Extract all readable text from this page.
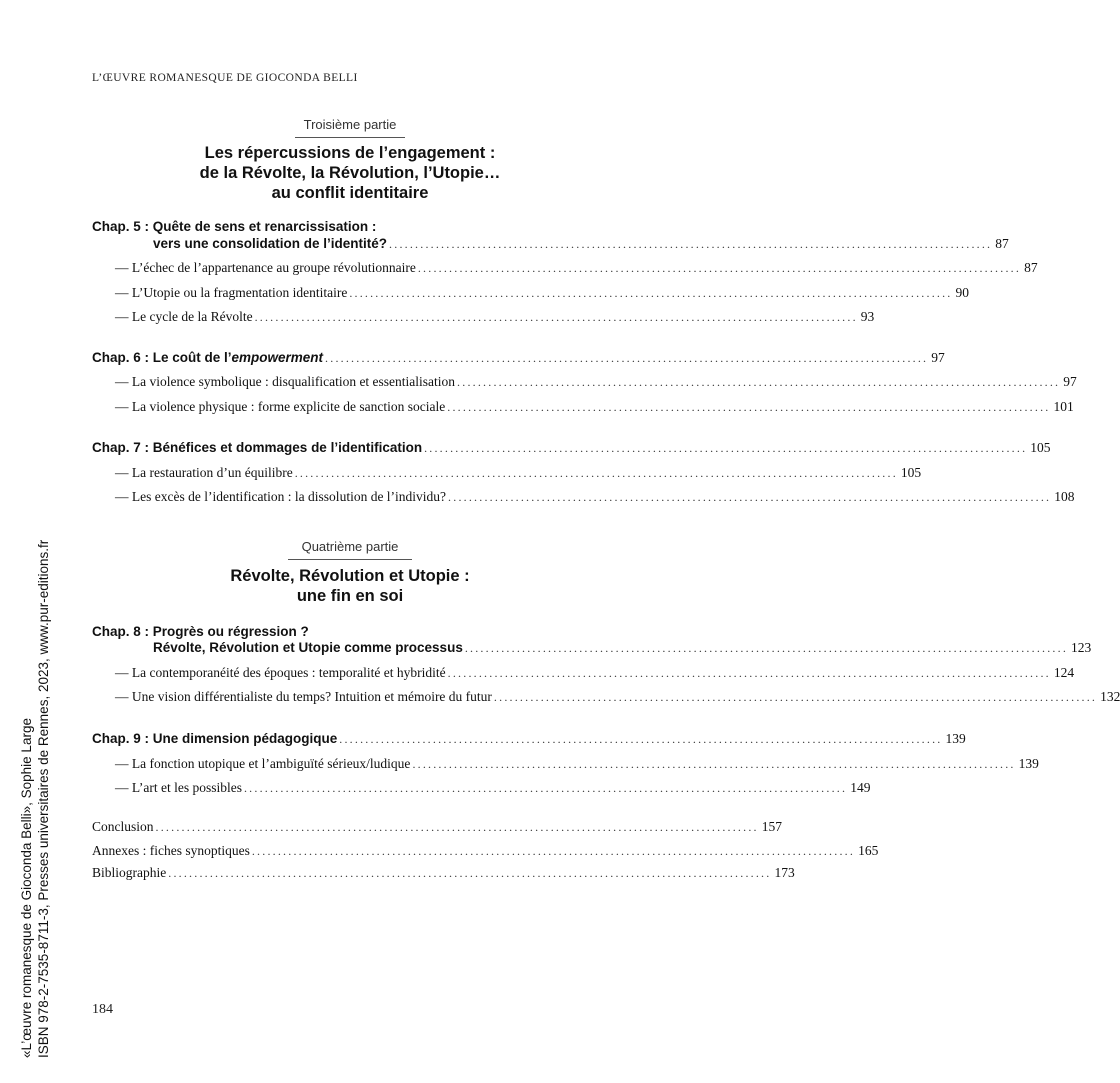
L’ŒUVRE ROMANESQUE DE GIOCONDA BELLI
Troisième partie
Les répercussions de l’engagement :
de la Révolte, la Révolution, l’Utopie…
au conflit identitaire
Chap. 5 : Quête de sens et renarcissisation :
vers une consolidation de l’identité? .................................................................................................................... 87
— L’échec de l’appartenance au groupe révolutionnaire .................................................................................................................... 87
— L’Utopie ou la fragmentation identitaire .................................................................................................................... 90
— Le cycle de la Révolte .................................................................................................................... 93
Chap. 6 : Le coût de l’empowerment .................................................................................................................... 97
— La violence symbolique : disqualification et essentialisation .................................................................................................................... 97
— La violence physique : forme explicite de sanction sociale .................................................................................................................... 101
Chap. 7 : Bénéfices et dommages de l’identification .................................................................................................................... 105
— La restauration d’un équilibre .................................................................................................................... 105
— Les excès de l’identification : la dissolution de l’individu? .................................................................................................................... 108
Quatrième partie
Révolte, Révolution et Utopie :
une fin en soi
Chap. 8 : Progrès ou régression ?
Révolte, Révolution et Utopie comme processus .................................................................................................................... 123
— La contemporanéité des époques : temporalité et hybridité .................................................................................................................... 124
— Une vision différentialiste du temps? Intuition et mémoire du futur .................................................................................................................... 132
Chap. 9 : Une dimension pédagogique .................................................................................................................... 139
— La fonction utopique et l’ambiguïté sérieux/ludique .................................................................................................................... 139
— L’art et les possibles .................................................................................................................... 149
Conclusion .................................................................................................................... 157
Annexes : fiches synoptiques .................................................................................................................... 165
Bibliographie .................................................................................................................... 173
184
«L’œuvre romanesque de Gioconda Belli», Sophie Large ISBN 978-2-7535-8711-3, Presses universitaires de Rennes, 2023, www.pur-editions.fr
